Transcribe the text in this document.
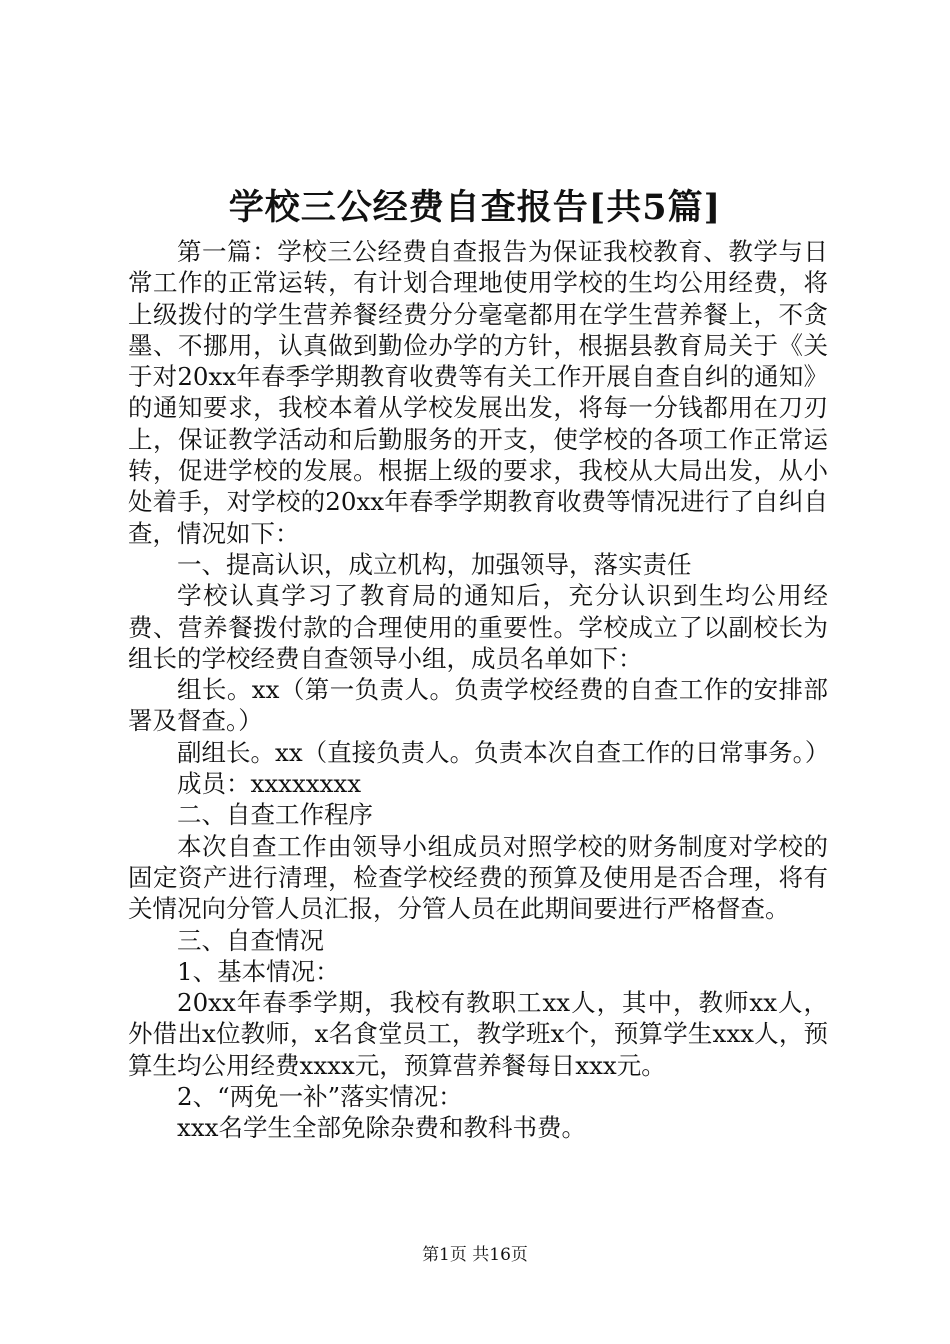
学校三公经费自查报告[共5篇]

第一篇：学校三公经费自查报告为保证我校教育、教学与日常工作的正常运转，有计划合理地使用学校的生均公用经费，将上级拨付的学生营养餐经费分分毫毫都用在学生营养餐上，不贪墨、不挪用，认真做到勤俭办学的方针，根据县教育局关于《关于对20xx年春季学期教育收费等有关工作开展自查自纠的通知》的通知要求，我校本着从学校发展出发，将每一分钱都用在刀刃上，保证教学活动和后勤服务的开支，使学校的各项工作正常运转，促进学校的发展。根据上级的要求，我校从大局出发，从小处着手，对学校的20xx年春季学期教育收费等情况进行了自纠自查，情况如下：

一、提高认识，成立机构，加强领导，落实责任

学校认真学习了教育局的通知后，充分认识到生均公用经费、营养餐拨付款的合理使用的重要性。学校成立了以副校长为组长的学校经费自查领导小组，成员名单如下：

组长。xx（第一负责人。负责学校经费的自查工作的安排部署及督查。）

副组长。xx（直接负责人。负责本次自查工作的日常事务。）

成员：xxxxxxxx

二、自查工作程序

本次自查工作由领导小组成员对照学校的财务制度对学校的固定资产进行清理，检查学校经费的预算及使用是否合理，将有关情况向分管人员汇报，分管人员在此期间要进行严格督查。

三、自查情况

1、基本情况：

20xx年春季学期，我校有教职工xx人，其中，教师xx人，外借出x位教师，x名食堂员工，教学班x个，预算学生xxx人，预算生均公用经费xxxx元，预算营养餐每日xxx元。

2、“两免一补”落实情况：

xxx名学生全部免除杂费和教科书费。

第1页 共16页
